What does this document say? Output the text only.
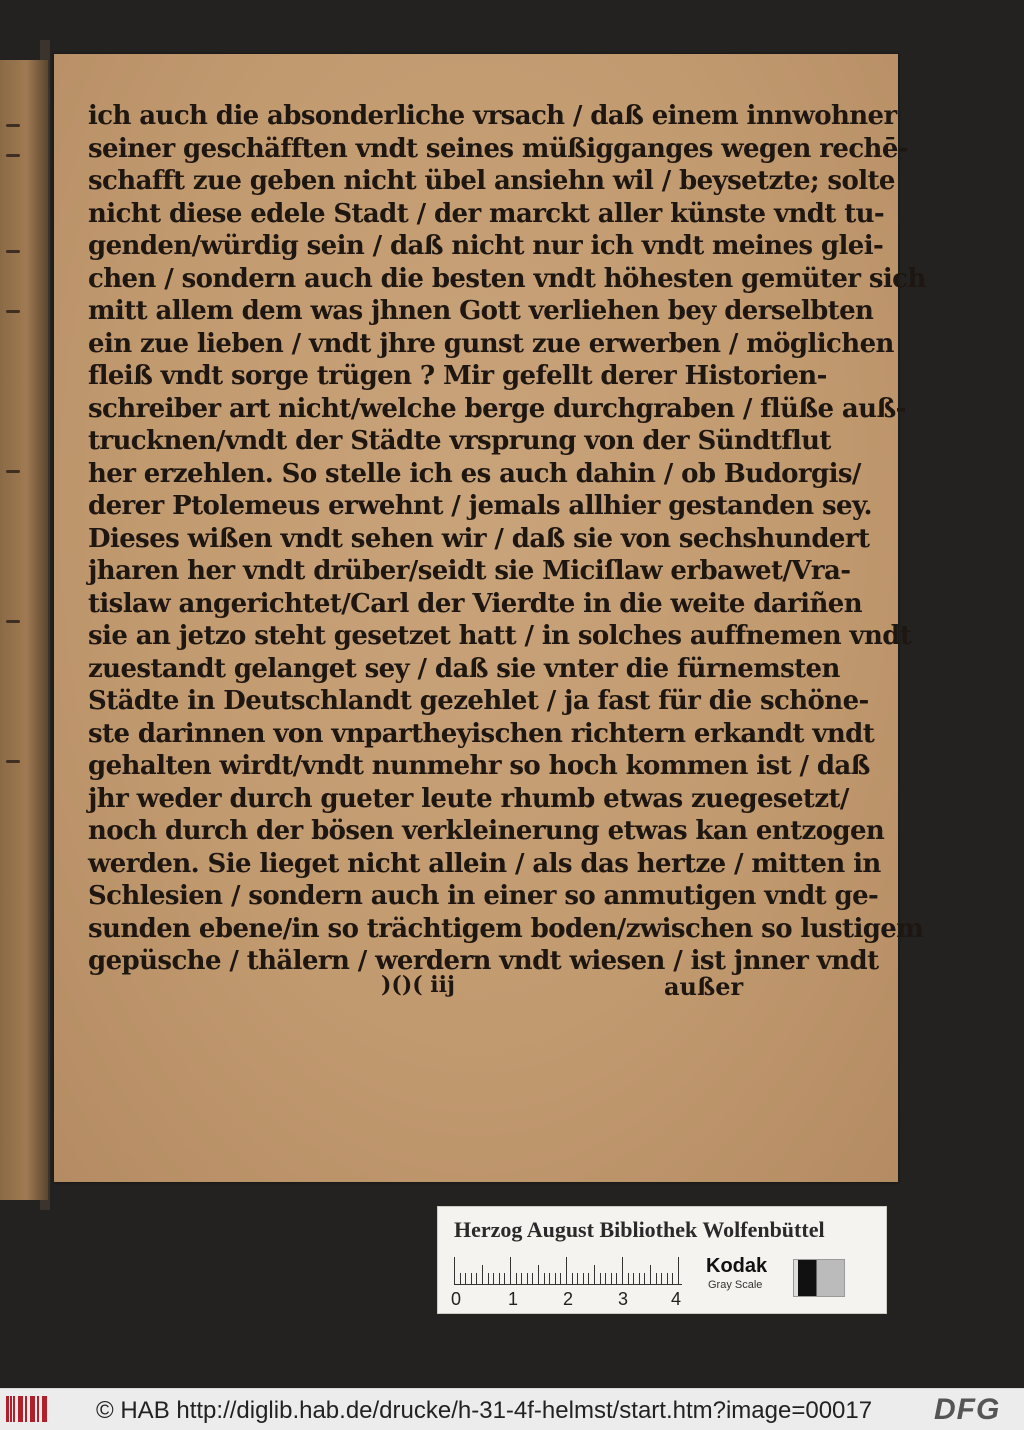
ich auch die absonderliche vrsach / daß einem innwohner
seiner geschäfften vndt seines müßigganges wegen rechē-
schafft zue geben nicht übel ansiehn wil / beysetzte; solte
nicht diese edele Stadt / der marckt aller künste vndt tu-
genden/würdig sein / daß nicht nur ich vndt meines glei-
chen / sondern auch die besten vndt höhesten gemüter sich
mitt allem dem was jhnen Gott verliehen bey derselbten
ein zue lieben / vndt jhre gunst zue erwerben / möglichen
fleiß vndt sorge trügen ? Mir gefellt derer Historien-
schreiber art nicht/welche berge durchgraben / flüße auß-
trucknen/vndt der Städte vrsprung von der Sündtflut
her erzehlen. So stelle ich es auch dahin / ob Budorgis/
derer Ptolemeus erwehnt / jemals allhier gestanden sey.
Dieses wißen vndt sehen wir / daß sie von sechshundert
jharen her vndt drüber/seidt sie Miciſlaw erbawet/Vra-
tislaw angerichtet/Carl der Vierdte in die weite dariñen
sie an jetzo steht gesetzet hatt / in solches auffnemen vndt
zuestandt gelanget sey / daß sie vnter die fürnemsten
Städte in Deutschlandt gezehlet / ja fast für die schöne-
ste darinnen von vnpartheyischen richtern erkandt vndt
gehalten wirdt/vndt nunmehr so hoch kommen ist / daß
jhr weder durch gueter leute rhumb etwas zuegesetzt/
noch durch der bösen verkleinerung etwas kan entzogen
werden. Sie lieget nicht allein / als das hertze / mitten in
Schlesien / sondern auch in einer so anmutigen vndt ge-
sunden ebene/in so trächtigem boden/zwischen so lustigem
gepüsche / thälern / werdern vndt wiesen / ist jnner vndt
)()( iij	außer
Herzog August Bibliothek Wolfenbüttel
0	1 2 3 4
Kodak
Gray Scale
© HAB http://diglib.hab.de/drucke/h-31-4f-helmst/start.htm?image=00017 DFG
